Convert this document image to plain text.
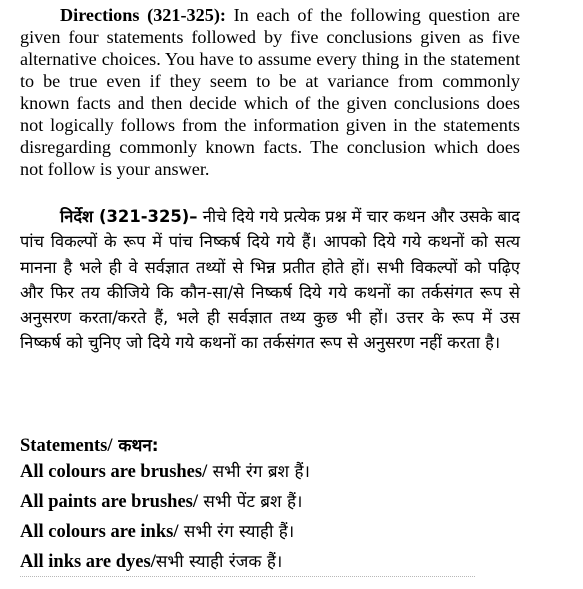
Directions (321-325): In each of the following question are given four statements followed by five conclusions given as five alternative choices. You have to assume every thing in the statement to be true even if they seem to be at variance from commonly known facts and then decide which of the given conclusions does not logically follows from the information given in the statements disregarding commonly known facts. The conclusion which does not follow is your answer.

निर्देश (321-325)– नीचे दिये गये प्रत्येक प्रश्न में चार कथन और उसके बाद पांच विकल्पों के रूप में पांच निष्कर्ष दिये गये हैं। आपको दिये गये कथनों को सत्य मानना है भले ही वे सर्वज्ञात तथ्यों से भिन्न प्रतीत होते हों। सभी विकल्पों को पढ़िए और फिर तय कीजिये कि कौन-सा/से निष्कर्ष दिये गये कथनों का तर्कसंगत रूप से अनुसरण करता/करते हैं, भले ही सर्वज्ञात तथ्य कुछ भी हों। उत्तर के रूप में उस निष्कर्ष को चुनिए जो दिये गये कथनों का तर्कसंगत रूप से अनुसरण नहीं करता है।

Statements/ कथन:

All colours are brushes/ सभी रंग ब्रश हैं।

All paints are brushes/ सभी पेंट ब्रश हैं।

All colours are inks/ सभी रंग स्याही हैं।

All inks are dyes/सभी स्याही रंजक हैं।
